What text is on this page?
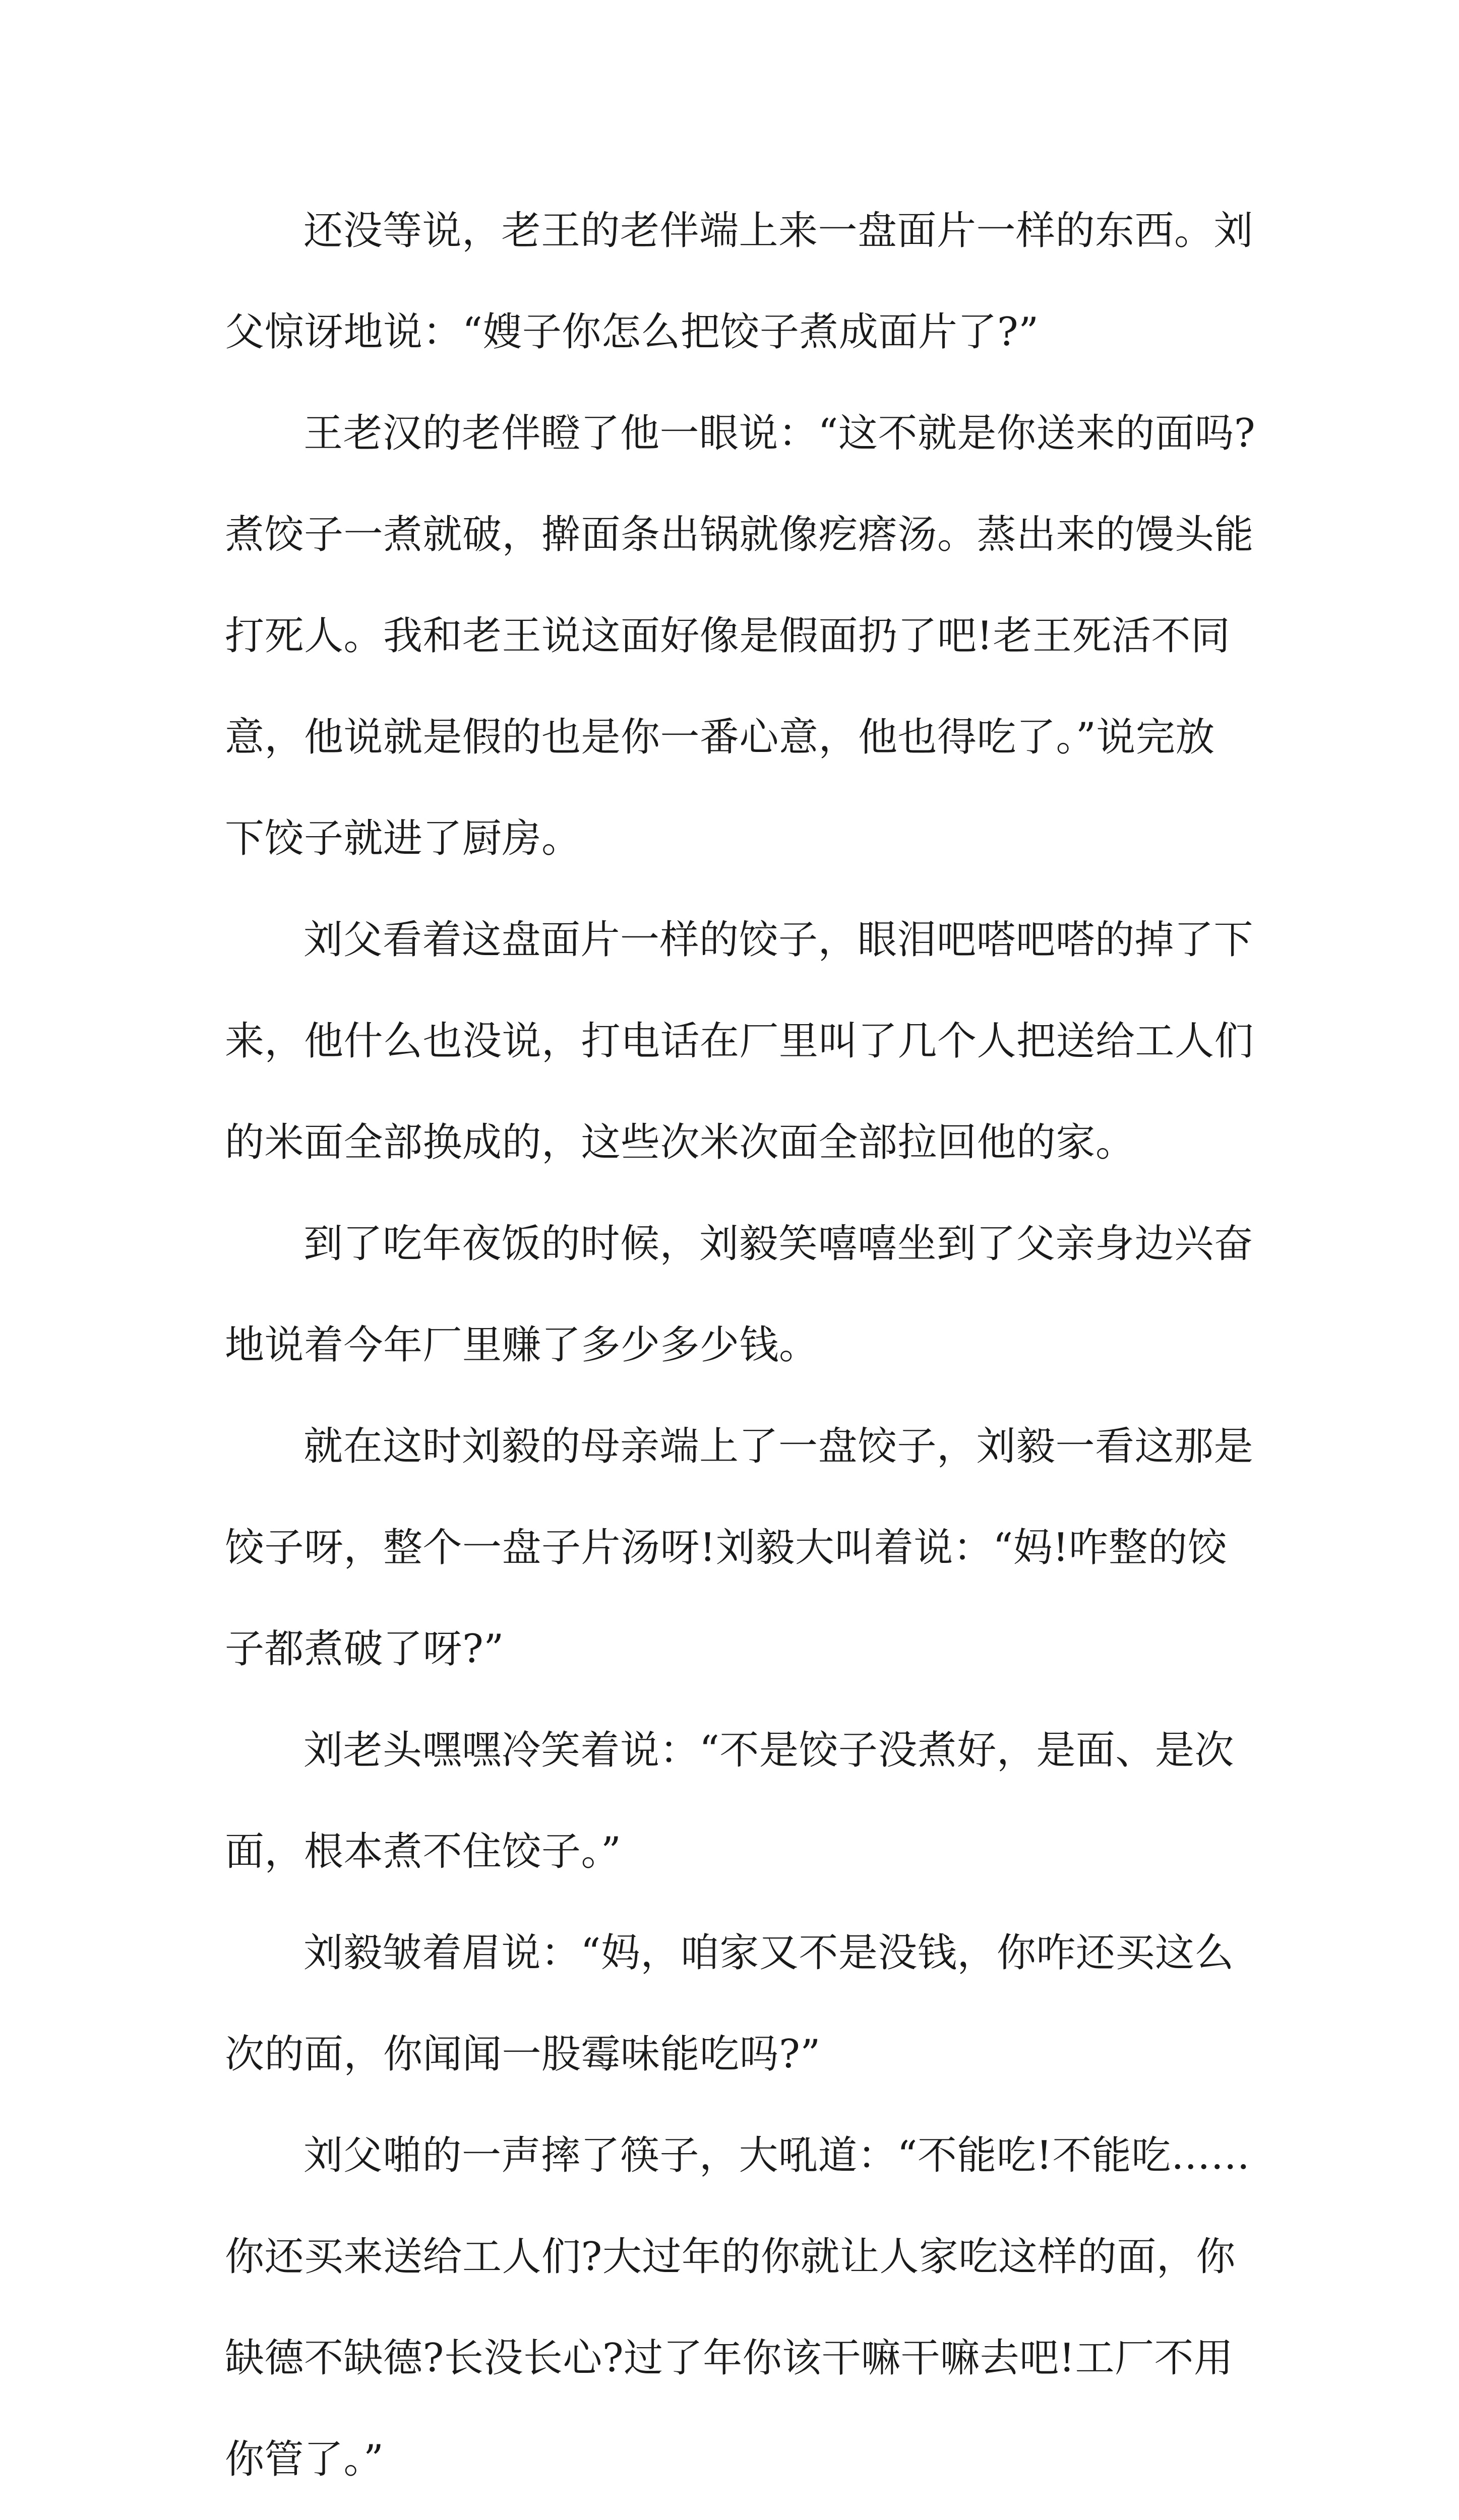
还没等说，老王的老伴端上来一盘面片一样的东西。刘
父惊讶地说：“嫂子你怎么把饺子煮成面片了?”

王老汉的老伴瞪了他一眼说：“这不就是你送来的面吗?
煮饺子一煮就破，擀面条出锅就像疙瘩汤。蒸出来的馒头能
打死人。我和老王说这面好像是假面扔了吧!老王死活不同
意，他说就是假的也是你一番心意，他也得吃了。”说完放
下饺子就进了厨房。

刘父看着这盘面片一样的饺子，眼泪吧嗒吧嗒的掉了下
来，他什么也没说，打电话在厂里叫了几个人把送给工人们
的米面全部换成的，这些次米次面全部拉回他的家。

到了吃年夜饭的时候，刘毅笑嘻嘻坐到了父亲身边兴奋
地说着今年厂里赚了多少多少钱。

就在这时刘毅的母亲端上了一盘饺子，刘毅一看这那是
饺子呀，整个一盘子片汤呀!刘毅大叫着说：“妈!咋整的饺
子都煮破了呀?”

刘老头嘿嘿冷笑着说：“不是饺子没煮好，是面、是次
面，根本煮不住饺子。”

刘毅皱着眉说：“妈，咱家又不是没钱，你咋还买这么
次的面，你闻闻一股霉味能吃吗?”

刘父啪的一声摔了筷子，大吼道：“不能吃!不能吃……
你还买来送给工人们?大过年的你就让人家吃这样的面，你
缺德不缺德?长没长心?过了年你该干嘛干嘛去吧!工厂不用
你管了。”
